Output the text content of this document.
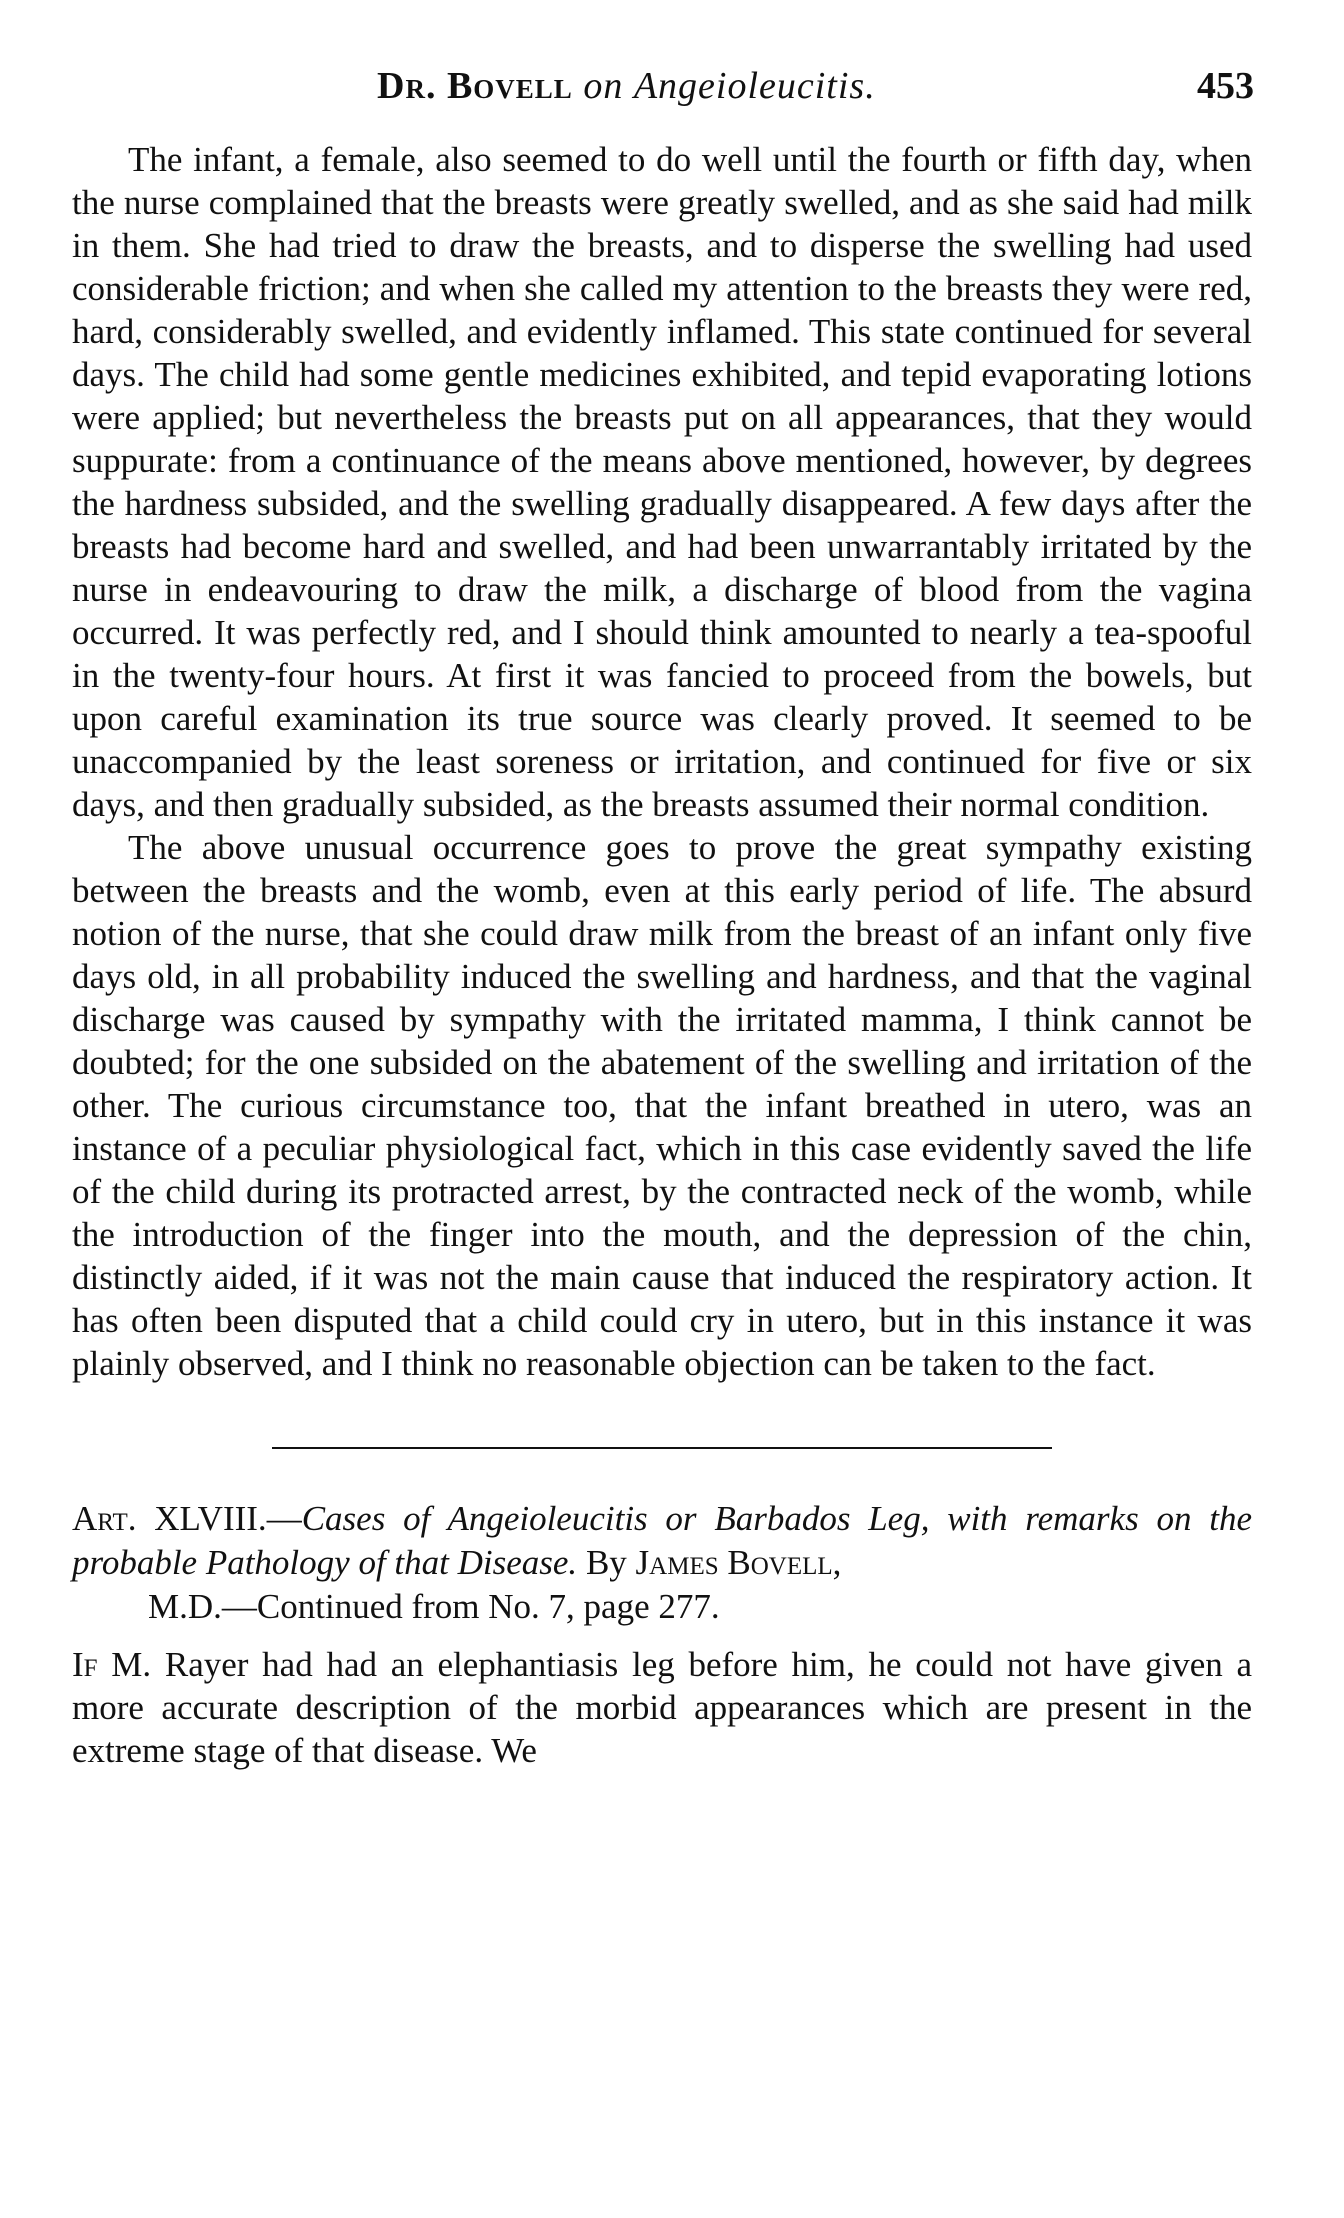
Dr. Bovell on Angeioleucitis.	453

The infant, a female, also seemed to do well until the fourth or fifth day, when the nurse complained that the breasts were greatly swelled, and as she said had milk in them. She had tried to draw the breasts, and to disperse the swelling had used considerable friction; and when she called my attention to the breasts they were red, hard, considerably swelled, and evidently inflamed. This state continued for several days. The child had some gentle medicines exhibited, and tepid evaporating lotions were applied; but nevertheless the breasts put on all appearances, that they would suppurate: from a continuance of the means above mentioned, however, by degrees the hardness subsided, and the swelling gradually disappeared. A few days after the breasts had become hard and swelled, and had been unwarrantably irritated by the nurse in endeavouring to draw the milk, a discharge of blood from the vagina occurred. It was perfectly red, and I should think amounted to nearly a tea-spooful in the twenty-four hours. At first it was fancied to proceed from the bowels, but upon careful examination its true source was clearly proved. It seemed to be unaccompanied by the least soreness or irritation, and continued for five or six days, and then gradually subsided, as the breasts assumed their normal condition.

The above unusual occurrence goes to prove the great sympathy existing between the breasts and the womb, even at this early period of life. The absurd notion of the nurse, that she could draw milk from the breast of an infant only five days old, in all probability induced the swelling and hardness, and that the vaginal discharge was caused by sympathy with the irritated mamma, I think cannot be doubted; for the one subsided on the abatement of the swelling and irritation of the other. The curious circumstance too, that the infant breathed in utero, was an instance of a peculiar physiological fact, which in this case evidently saved the life of the child during its protracted arrest, by the contracted neck of the womb, while the introduction of the finger into the mouth, and the depression of the chin, distinctly aided, if it was not the main cause that induced the respiratory action. It has often been disputed that a child could cry in utero, but in this instance it was plainly observed, and I think no reasonable objection can be taken to the fact.

Art. XLVIII.—Cases of Angeioleucitis or Barbados Leg, with remarks on the probable Pathology of that Disease. By James Bovell,
M.D.—Continued from No. 7, page 277.

If M. Rayer had had an elephantiasis leg before him, he could not have given a more accurate description of the morbid appearances which are present in the extreme stage of that disease. We
